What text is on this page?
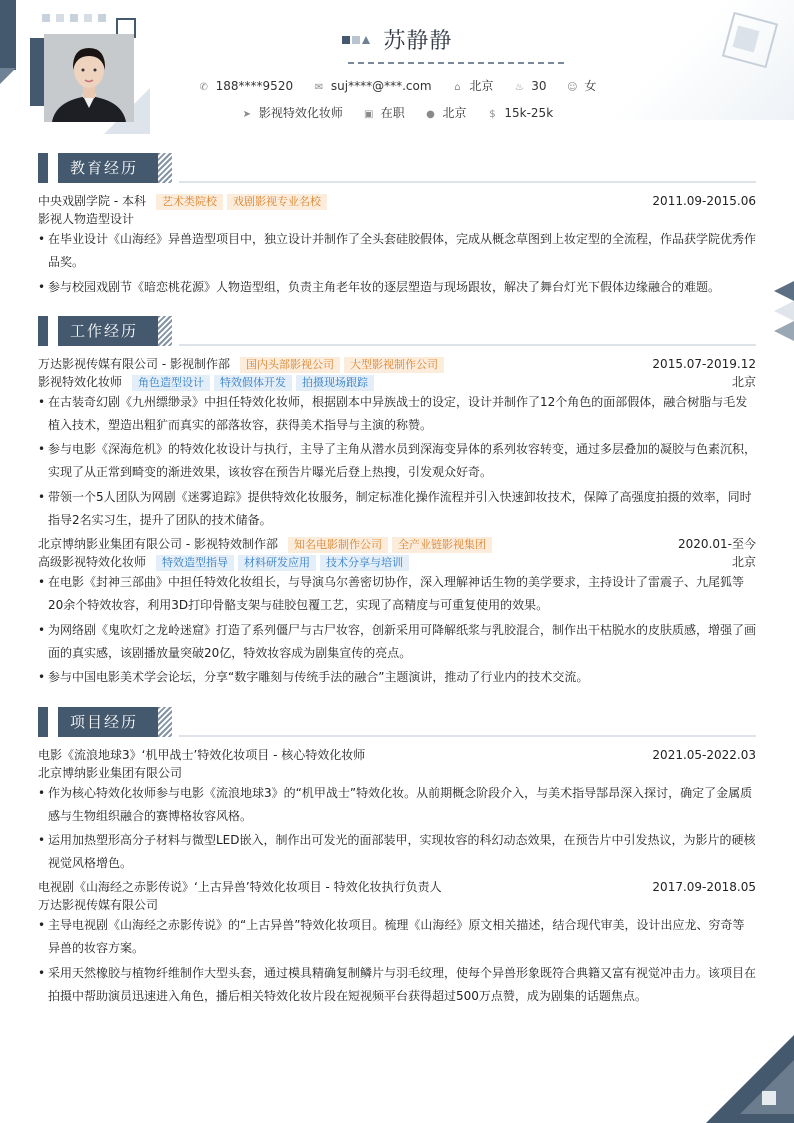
苏静静
✆ 188****9520 ✉ suj****@***.com ⌂ 北京 ♨ 30 ☺ 女
➤ 影视特效化妆师 ▣ 在职 ● 北京 $ 15k-25k
教育经历
中央戏剧学院 - 本科 艺术类院校 戏剧影视专业名校	2011.09-2015.06
影视人物造型设计
• 在毕业设计《山海经》异兽造型项目中，独立设计并制作了全头套硅胶假体，完成从概念草图到上妆定型的全流程，作品获学院优秀作品奖。
• 参与校园戏剧节《暗恋桃花源》人物造型组，负责主角老年妆的逐层塑造与现场跟妆，解决了舞台灯光下假体边缘融合的难题。
工作经历
万达影视传媒有限公司 - 影视制作部 国内头部影视公司 大型影视制作公司	2015.07-2019.12
影视特效化妆师 角色造型设计 特效假体开发 拍摄现场跟踪	北京
• 在古装奇幻剧《九州缥缈录》中担任特效化妆师，根据剧本中异族战士的设定，设计并制作了12个角色的面部假体，融合树脂与毛发植入技术，塑造出粗犷而真实的部落妆容，获得美术指导与主演的称赞。
• 参与电影《深海危机》的特效化妆设计与执行，主导了主角从潜水员到深海变异体的系列妆容转变，通过多层叠加的凝胶与色素沉积，实现了从正常到畸变的渐进效果，该妆容在预告片曝光后登上热搜，引发观众好奇。
• 带领一个5人团队为网剧《迷雾追踪》提供特效化妆服务，制定标准化操作流程并引入快速卸妆技术，保障了高强度拍摄的效率，同时指导2名实习生，提升了团队的技术储备。
北京博纳影业集团有限公司 - 影视特效制作部 知名电影制作公司 全产业链影视集团	2020.01-至今
高级影视特效化妆师 特效造型指导 材料研发应用 技术分享与培训	北京
• 在电影《封神三部曲》中担任特效化妆组长，与导演乌尔善密切协作，深入理解神话生物的美学要求，主持设计了雷震子、九尾狐等20余个特效妆容，利用3D打印骨骼支架与硅胶包覆工艺，实现了高精度与可重复使用的效果。
• 为网络剧《鬼吹灯之龙岭迷窟》打造了系列僵尸与古尸妆容，创新采用可降解纸浆与乳胶混合，制作出干枯脱水的皮肤质感，增强了画面的真实感，该剧播放量突破20亿，特效妆容成为剧集宣传的亮点。
• 参与中国电影美术学会论坛，分享“数字雕刻与传统手法的融合”主题演讲，推动了行业内的技术交流。
项目经历
电影《流浪地球3》‘机甲战士’特效化妆项目 - 核心特效化妆师	2021.05-2022.03
北京博纳影业集团有限公司
• 作为核心特效化妆师参与电影《流浪地球3》的“机甲战士”特效化妆。从前期概念阶段介入，与美术指导郜昂深入探讨，确定了金属质感与生物组织融合的赛博格妆容风格。
• 运用加热塑形高分子材料与微型LED嵌入，制作出可发光的面部装甲，实现妆容的科幻动态效果，在预告片中引发热议，为影片的硬核视觉风格增色。
电视剧《山海经之赤影传说》‘上古异兽’特效化妆项目 - 特效化妆执行负责人	2017.09-2018.05
万达影视传媒有限公司
• 主导电视剧《山海经之赤影传说》的“上古异兽”特效化妆项目。梳理《山海经》原文相关描述，结合现代审美，设计出应龙、穷奇等异兽的妆容方案。
• 采用天然橡胶与植物纤维制作大型头套，通过模具精确复制鳞片与羽毛纹理，使每个异兽形象既符合典籍又富有视觉冲击力。该项目在拍摄中帮助演员迅速进入角色，播后相关特效化妆片段在短视频平台获得超过500万点赞，成为剧集的话题焦点。
